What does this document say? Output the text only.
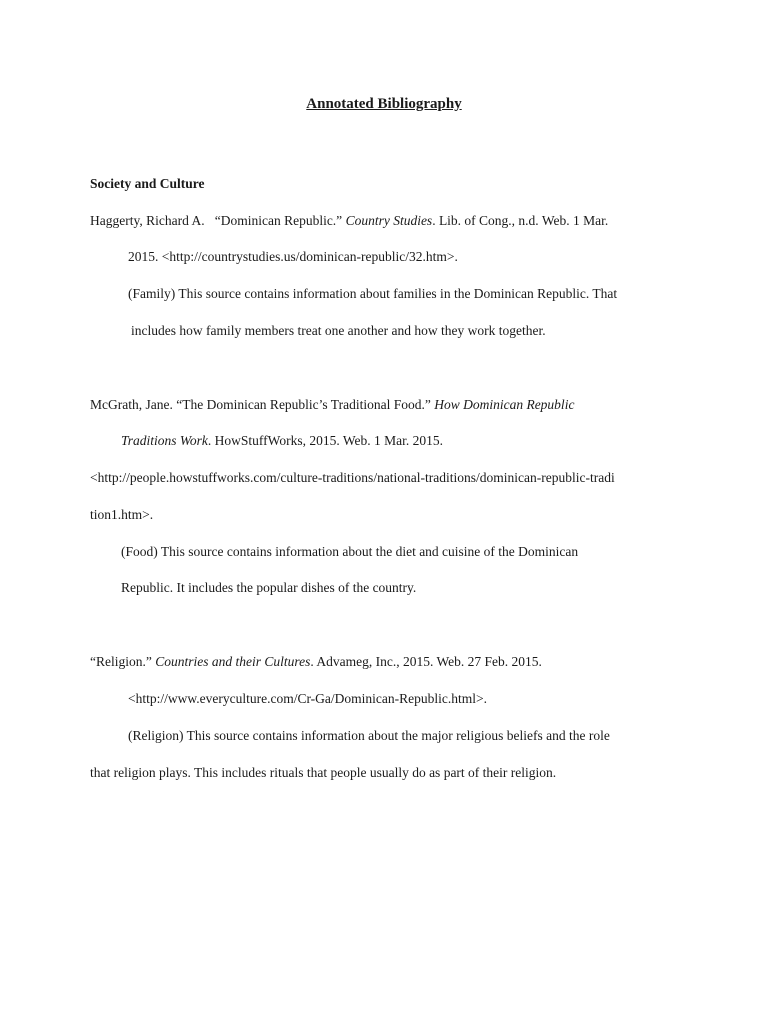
Annotated Bibliography
Society and Culture
Haggerty, Richard A. “Dominican Republic.” Country Studies. Lib. of Cong., n.d. Web. 1 Mar.
2015. <http://countrystudies.us/dominican-republic/32.htm>.
(Family) This source contains information about families in the Dominican Republic. That
includes how family members treat one another and how they work together.
McGrath, Jane. “The Dominican Republic’s Traditional Food.” How Dominican Republic
Traditions Work. HowStuffWorks, 2015. Web. 1 Mar. 2015.
<http://people.howstuffworks.com/culture-traditions/national-traditions/dominican-republic-tradi
tion1.htm>.
(Food) This source contains information about the diet and cuisine of the Dominican
Republic. It includes the popular dishes of the country.
“Religion.” Countries and their Cultures. Advameg, Inc., 2015. Web. 27 Feb. 2015.
<http://www.everyculture.com/Cr-Ga/Dominican-Republic.html>.
(Religion) This source contains information about the major religious beliefs and the role
that religion plays. This includes rituals that people usually do as part of their religion.
